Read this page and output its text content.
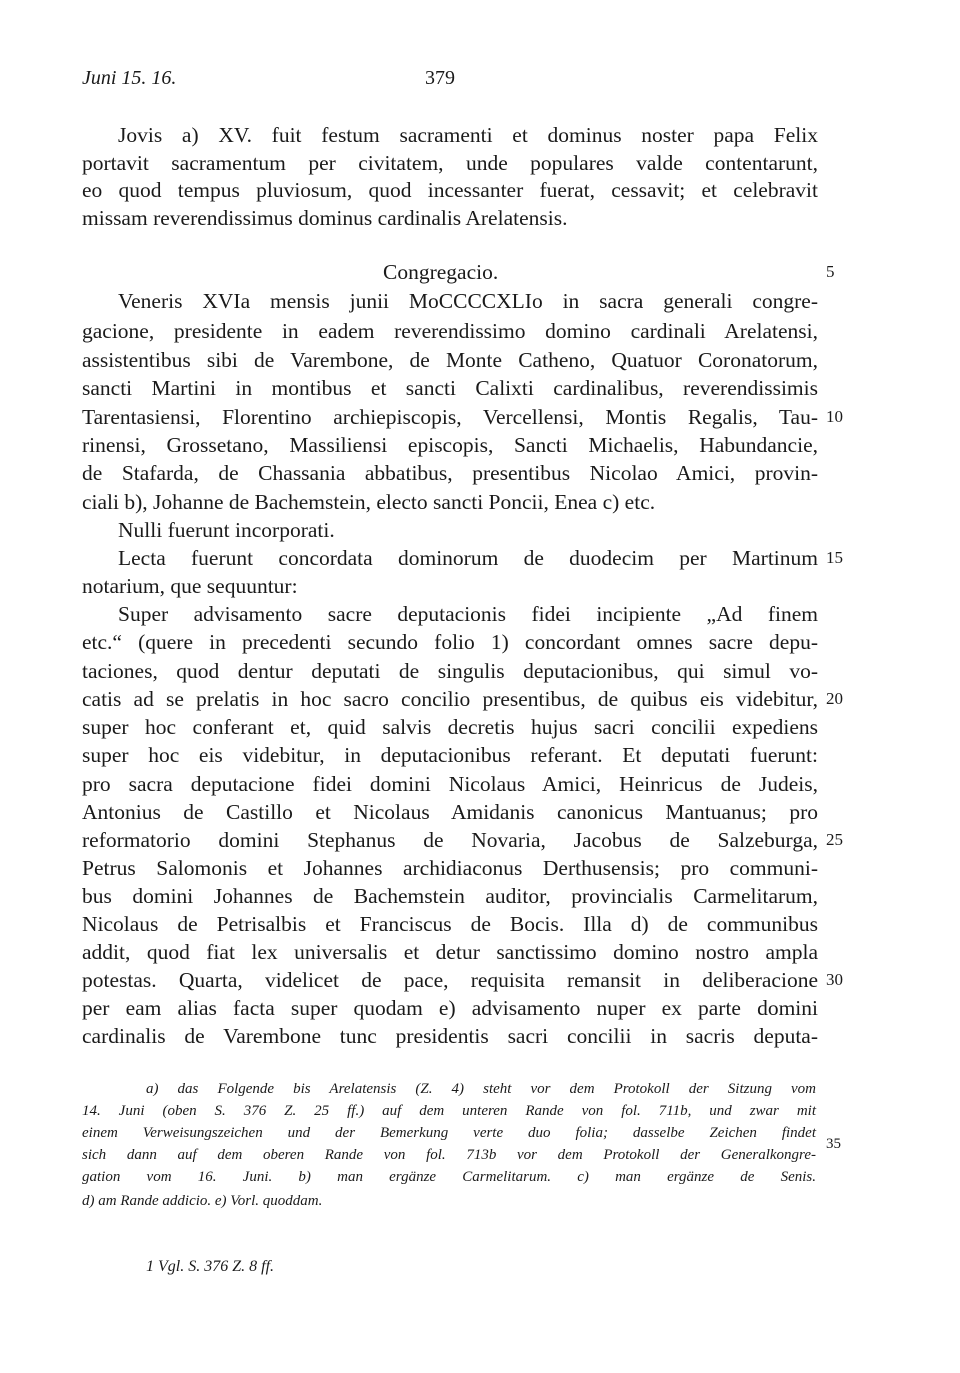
Juni 15. 16.	379
Jovis a) XV. fuit festum sacramenti et dominus noster papa Felix
portavit sacramentum per civitatem, unde populares valde contentarunt,
eo quod tempus pluviosum, quod incessanter fuerat, cessavit; et celebravit
missam reverendissimus dominus cardinalis Arelatensis.
Congregacio.
Veneris XVIa mensis junii MoCCCCXLIo in sacra generali congre-
gacione, presidente in eadem reverendissimo domino cardinali Arelatensi,
assistentibus sibi de Varembone, de Monte Catheno, Quatuor Coronatorum,
sancti Martini in montibus et sancti Calixti cardinalibus, reverendissimis
Tarentasiensi, Florentino archiepiscopis, Vercellensi, Montis Regalis, Tau-
rinensi, Grossetano, Massiliensi episcopis, Sancti Michaelis, Habundancie,
de Stafarda, de Chassania abbatibus, presentibus Nicolao Amici, provin-
ciali b), Johanne de Bachemstein, electo sancti Poncii, Enea c) etc.
Nulli fuerunt incorporati.
Lecta fuerunt concordata dominorum de duodecim per Martinum
notarium, que sequuntur:
Super advisamento sacre deputacionis fidei incipiente „Ad finem
etc.“ (quere in precedenti secundo folio 1) concordant omnes sacre depu-
taciones, quod dentur deputati de singulis deputacionibus, qui simul vo-
catis ad se prelatis in hoc sacro concilio presentibus, de quibus eis videbitur,
super hoc conferant et, quid salvis decretis hujus sacri concilii expediens
super hoc eis videbitur, in deputacionibus referant. Et deputati fuerunt:
pro sacra deputacione fidei domini Nicolaus Amici, Heinricus de Judeis,
Antonius de Castillo et Nicolaus Amidanis canonicus Mantuanus; pro
reformatorio domini Stephanus de Novaria, Jacobus de Salzeburga,
Petrus Salomonis et Johannes archidiaconus Derthusensis; pro communi-
bus domini Johannes de Bachemstein auditor, provincialis Carmelitarum,
Nicolaus de Petrisalbis et Franciscus de Bocis. Illa d) de communibus
addit, quod fiat lex universalis et detur sanctissimo domino nostro ampla
potestas. Quarta, videlicet de pace, requisita remansit in deliberacione
per eam alias facta super quodam e) advisamento nuper ex parte domini
cardinalis de Varembone tunc presidentis sacri concilii in sacris deputa-
5
10
15
20
25
30
a) das Folgende bis Arelatensis (Z. 4) steht vor dem Protokoll der Sitzung vom
14. Juni (oben S. 376 Z. 25 ff.) auf dem unteren Rande von fol. 711b, und zwar mit
einem Verweisungszeichen und der Bemerkung verte duo folia; dasselbe Zeichen findet
sich dann auf dem oberen Rande von fol. 713b vor dem Protokoll der Generalkongre-
gation vom 16. Juni. b) man ergänze Carmelitarum. c) man ergänze de Senis.
d) am Rande addicio. e) Vorl. quoddam.
35
1 Vgl. S. 376 Z. 8 ff.
